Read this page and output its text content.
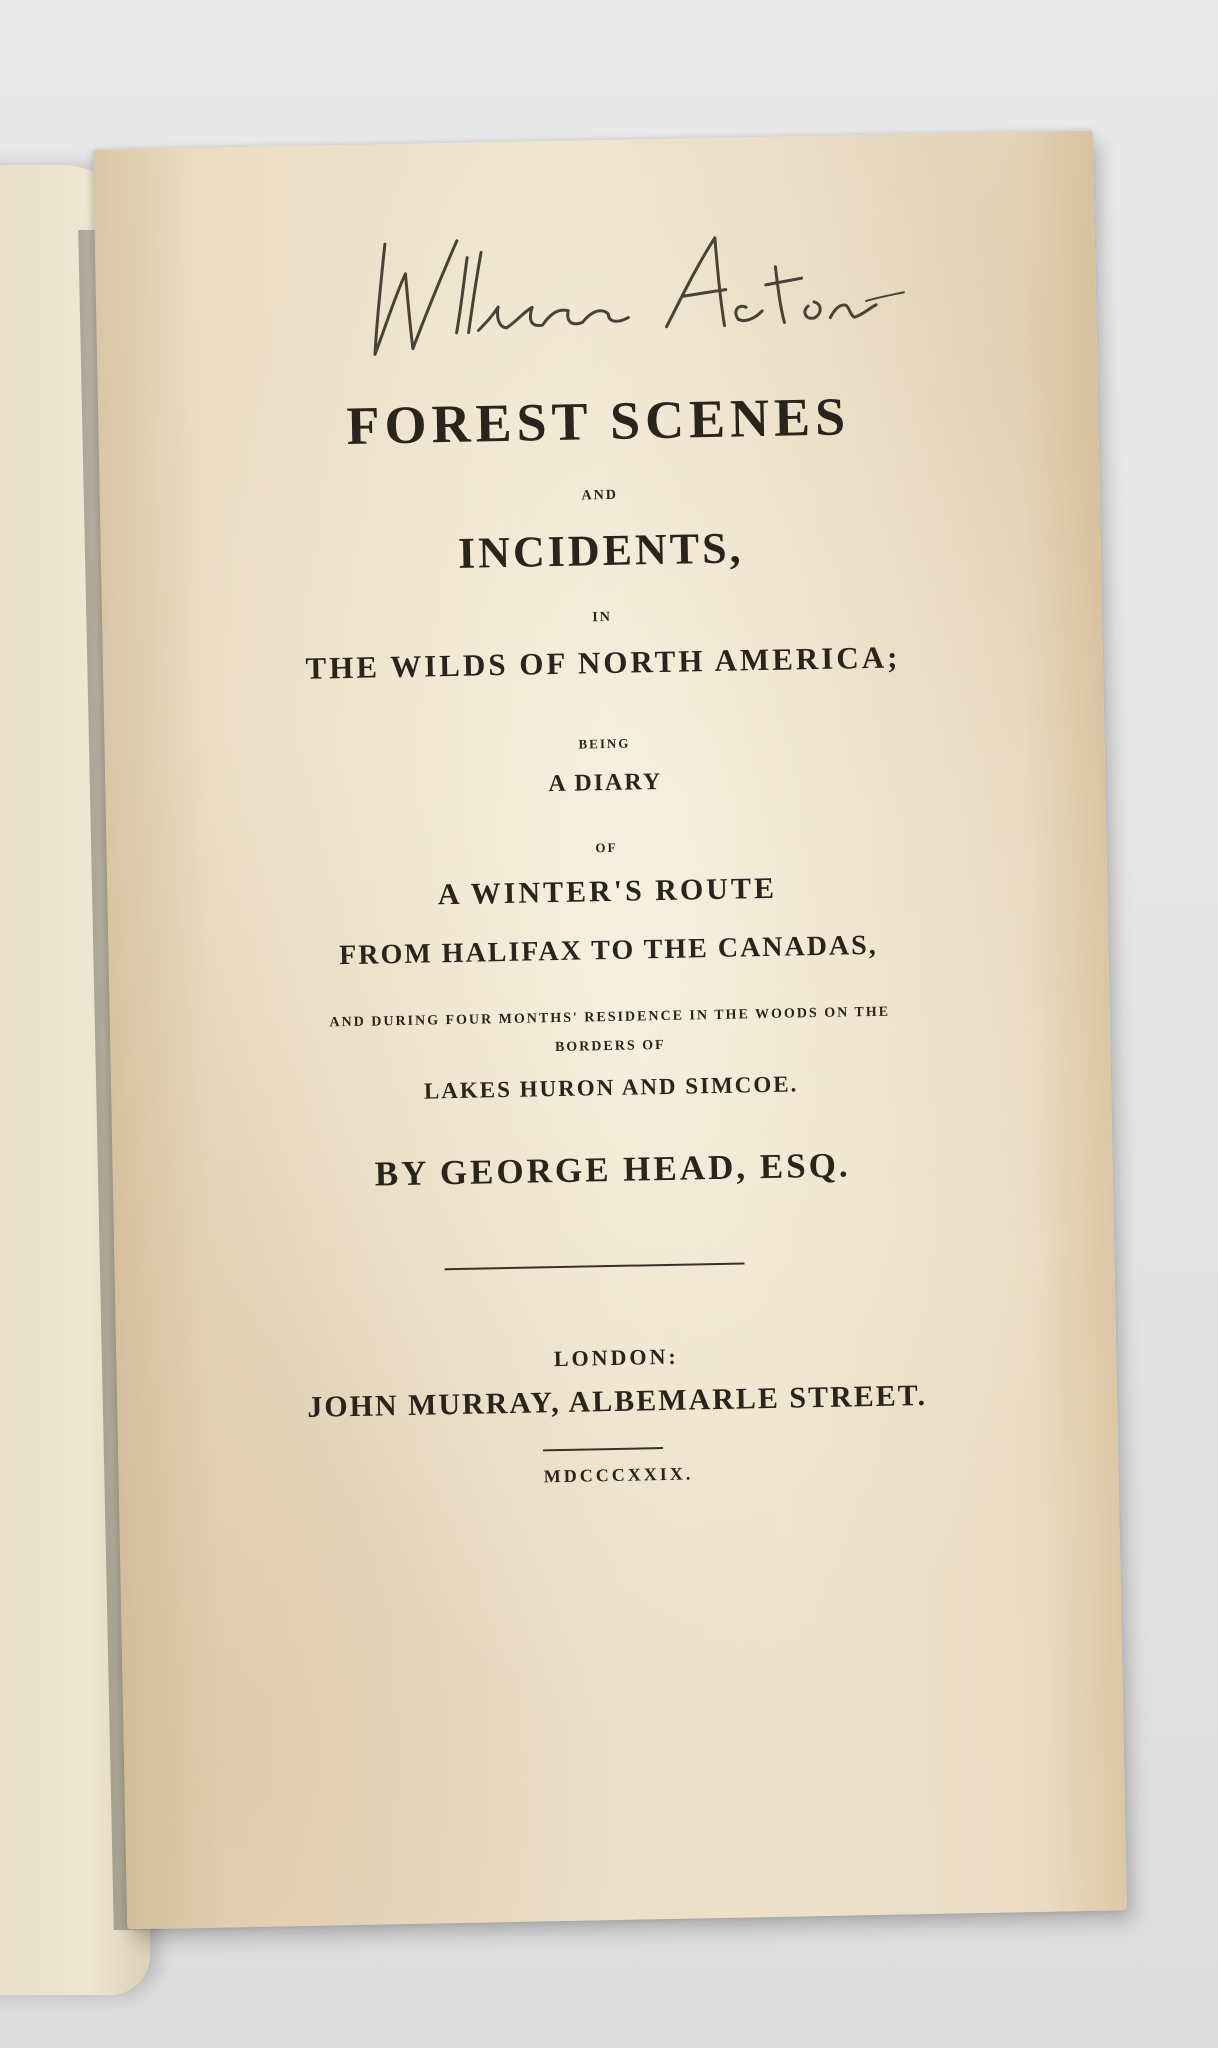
FOREST SCENES
AND
INCIDENTS,
IN
THE WILDS OF NORTH AMERICA;
BEING
A DIARY
OF
A WINTER'S ROUTE
FROM HALIFAX TO THE CANADAS,
AND DURING FOUR MONTHS' RESIDENCE IN THE WOODS ON THE
BORDERS OF
LAKES HURON AND SIMCOE.
BY GEORGE HEAD, ESQ.
LONDON:
JOHN MURRAY, ALBEMARLE STREET.
MDCCCXXIX.
